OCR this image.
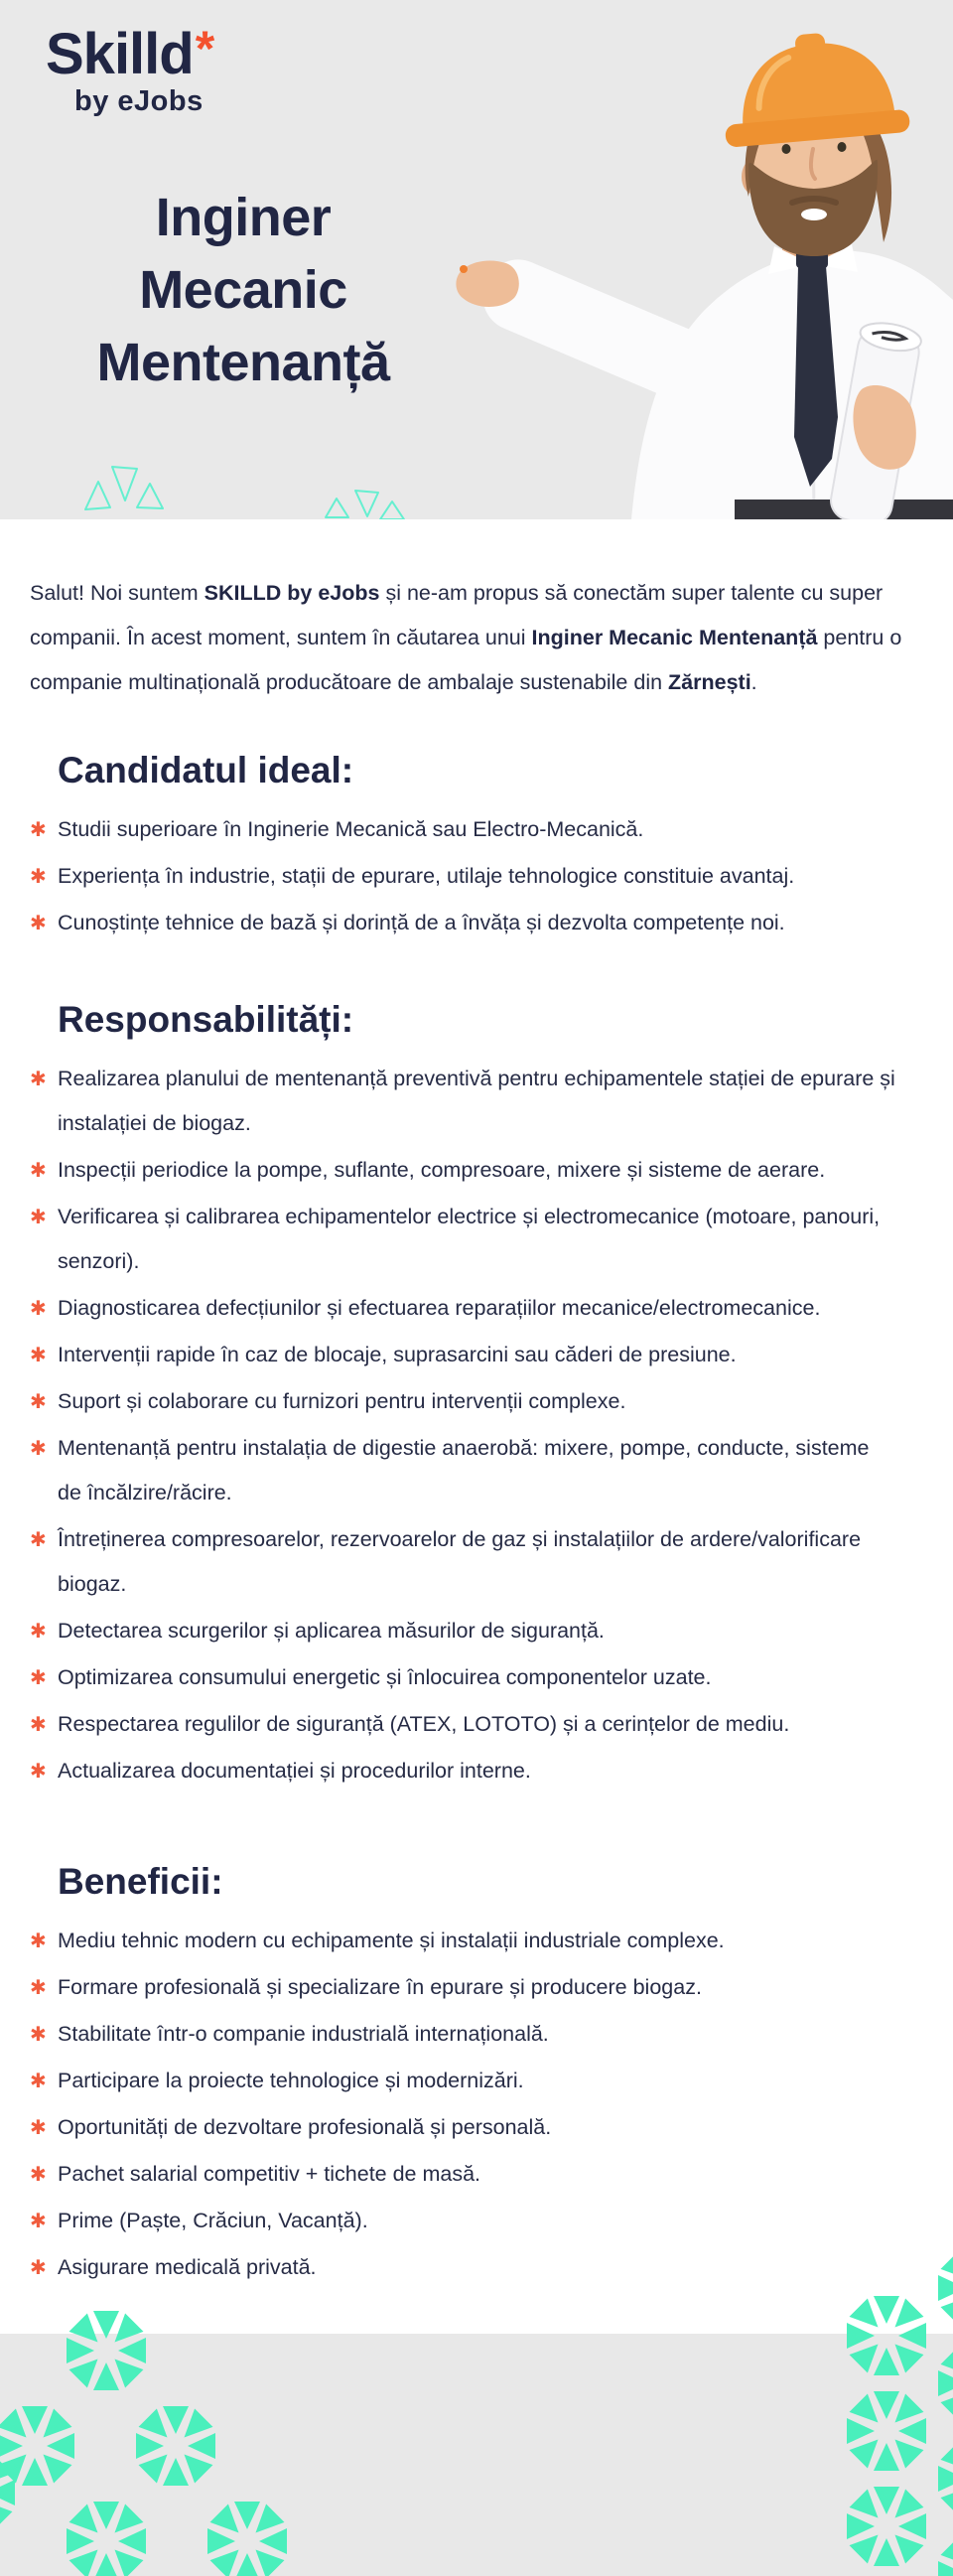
Skilld*
by eJobs
Inginer
Mecanic
Mentenanță

Salut! Noi suntem SKILLD by eJobs și ne-am propus să conectăm super talente cu super companii. În acest moment, suntem în căutarea unui Inginer Mecanic Mentenanță pentru o companie multinațională producătoare de ambalaje sustenabile din Zărnești.

Candidatul ideal:
✱ Studii superioare în Inginerie Mecanică sau Electro-Mecanică.
✱ Experiența în industrie, stații de epurare, utilaje tehnologice constituie avantaj.
✱ Cunoștințe tehnice de bază și dorință de a învăța și dezvolta competențe noi.
Responsabilități:
✱ Realizarea planului de mentenanță preventivă pentru echipamentele stației de epurare și instalației de biogaz.
✱ Inspecții periodice la pompe, suflante, compresoare, mixere și sisteme de aerare.
✱ Verificarea și calibrarea echipamentelor electrice și electromecanice (motoare, panouri, senzori).
✱ Diagnosticarea defecțiunilor și efectuarea reparațiilor mecanice/electromecanice.
✱ Intervenții rapide în caz de blocaje, suprasarcini sau căderi de presiune.
✱ Suport și colaborare cu furnizori pentru intervenții complexe.
✱ Mentenanță pentru instalația de digestie anaerobă: mixere, pompe, conducte, sisteme de încălzire/răcire.
✱ Întreținerea compresoarelor, rezervoarelor de gaz și instalațiilor de ardere/valorificare biogaz.
✱ Detectarea scurgerilor și aplicarea măsurilor de siguranță.
✱ Optimizarea consumului energetic și înlocuirea componentelor uzate.
✱ Respectarea regulilor de siguranță (ATEX, LOTOTO) și a cerințelor de mediu.
✱ Actualizarea documentației și procedurilor interne.
Beneficii:
✱ Mediu tehnic modern cu echipamente și instalații industriale complexe.
✱ Formare profesională și specializare în epurare și producere biogaz.
✱ Stabilitate într-o companie industrială internațională.
✱ Participare la proiecte tehnologice și modernizări.
✱ Oportunități de dezvoltare profesională și personală.
✱ Pachet salarial competitiv + tichete de masă.
✱ Prime (Paște, Crăciun, Vacanță).
✱ Asigurare medicală privată.
